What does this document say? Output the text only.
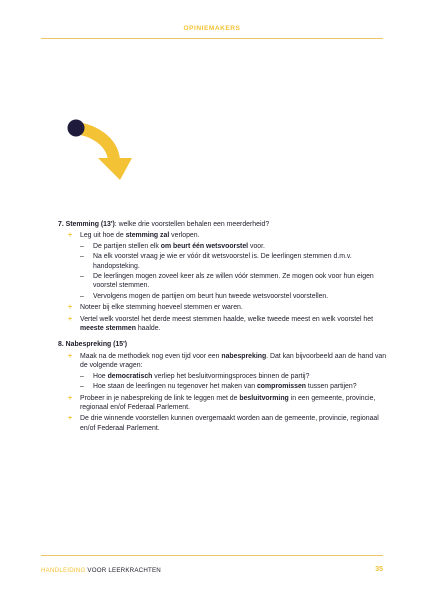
OPINIEMAKERS

7. Stemming (13'): welke drie voorstellen behalen een meerderheid?

+ Leg uit hoe de stemming zal verlopen.
– De partijen stellen elk om beurt één wetsvoorstel voor.
– Na elk voorstel vraag je wie er vóór dit wetsvoorstel is. De leerlingen stemmen d.m.v. handopsteking.
– De leerlingen mogen zoveel keer als ze willen vóór stemmen. Ze mogen ook voor hun eigen voorstel stemmen.
– Vervolgens mogen de partijen om beurt hun tweede wetsvoorstel voorstellen.
+ Noteer bij elke stemming hoeveel stemmen er waren.
+ Vertel welk voorstel het derde meest stemmen haalde, welke tweede meest en welk voorstel het meeste stemmen haalde.

8. Nabespreking (15')

+ Maak na de methodiek nog even tijd voor een nabespreking. Dat kan bijvoorbeeld aan de hand van de volgende vragen:
– Hoe democratisch verliep het besluitvormingsproces binnen de partij?
– Hoe staan de leerlingen nu tegenover het maken van compromissen tussen partijen?
+ Probeer in je nabespreking de link te leggen met de besluitvorming in een gemeente, provincie, regionaal en/of Federaal Parlement.
+ De drie winnende voorstellen kunnen overgemaakt worden aan de gemeente, provincie, regionaal en/of Federaal Parlement.
HANDLEIDING VOOR LEERKRACHTEN	35
